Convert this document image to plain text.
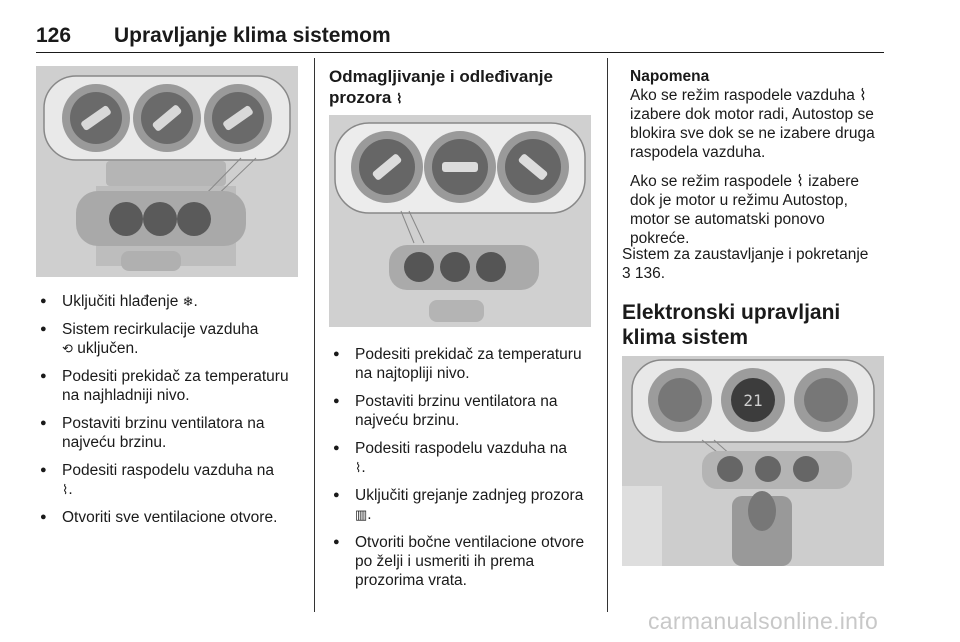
126 Upravljanje klima sistemom
● Uključiti hlađenje ❄.
● Sistem recirkulacije vazduha
⟲ uključen.
● Podesiti prekidač za temperaturu na najhladniji nivo.
● Postaviti brzinu ventilatora na najveću brzinu.
● Podesiti raspodelu vazduha na
⌇.
● Otvoriti sve ventilacione otvore.
Odmagljivanje i odleđivanje prozora ⌇
● Podesiti prekidač za temperaturu na najtopliji nivo.
● Postaviti brzinu ventilatora na najveću brzinu.
● Podesiti raspodelu vazduha na
⌇.
● Uključiti grejanje zadnjeg prozora
▥.
● Otvoriti bočne ventilacione otvore po želji i usmeriti ih prema prozorima vrata.
Napomena
Ako se režim raspodele vazduha ⌇ izabere dok motor radi, Autostop se blokira sve dok se ne izabere druga raspodela vazduha.
Ako se režim raspodele ⌇ izabere dok je motor u režimu Autostop, motor se automatski ponovo pokreće.

Sistem za zaustavljanje i pokretanje
3 136.

Elektronski upravljani klima sistem
21
carmanualsonline.info
